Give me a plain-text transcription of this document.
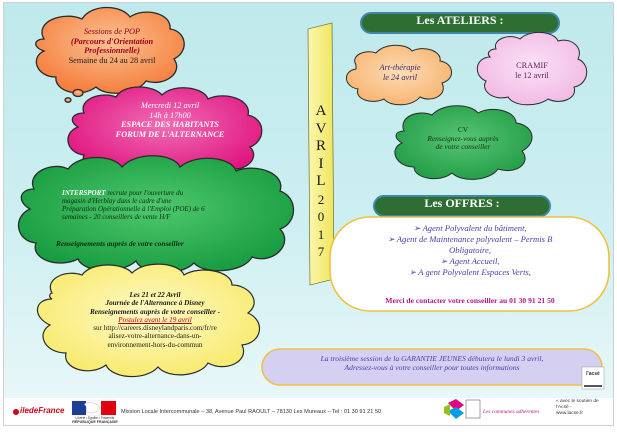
Sessions de POP
(Parcours d'Orientation
Professionnelle)
Semaine du 24 au 28 avril
Mercredi 12 avril
14h à 17h00
ESPACE DES HABITANTS
FORUM DE L'ALTERNANCE
INTERSPORT recrute pour l'ouverture du
magasin d'Herblay dans le cadre d'une
Préparation Opérationnelle à l'Emploi (POE) de 6
semaines - 20 conseillers de vente H/F
Renseignements auprès de votre conseiller
Les 21 et 22 Avril
Journée de l'Alternance à Disney
Renseignements auprès de votre conseiller -
Postulez avant le 19 avril
sur http://careers.disneylandparis.com/fr/re
alisez-votre-alternance-dans-un-
environnement-hors-du-commun
A
V
R
I
L
2
0
1
7
Les ATELIERS :
Art-thérapie
le 24 avril
CRAMIF
le 12 avril
CV
Renseignez-vous auprès
de votre conseiller
Les OFFRES :
➢ Agent Polyvalent du bâtiment,
➢ Agent de Maintenance polyvalent – Permis B
Obligatoire,
➢ Agent Accueil,
➢ A gent Polyvalent Espaces Verts,
Merci de contacter votre conseiller au 01 30 91 21 50
La troisième session de la GARANTIE JEUNES débutera le lundi 3 avril,
Adressez-vous à votre conseiller pour toutes informations
iledeFrance
Liberté • Égalité • Fraternité
RÉPUBLIQUE FRANÇAISE
Mission Locale Intercommunale – 38, Avenue Paul RAOULT – 78130 Les Mureaux – Tel : 01 30 91 21 50	Les communes adhérentes
« avec le soutien de
l'Acsé -
www.lacse.fr
l'acsé
